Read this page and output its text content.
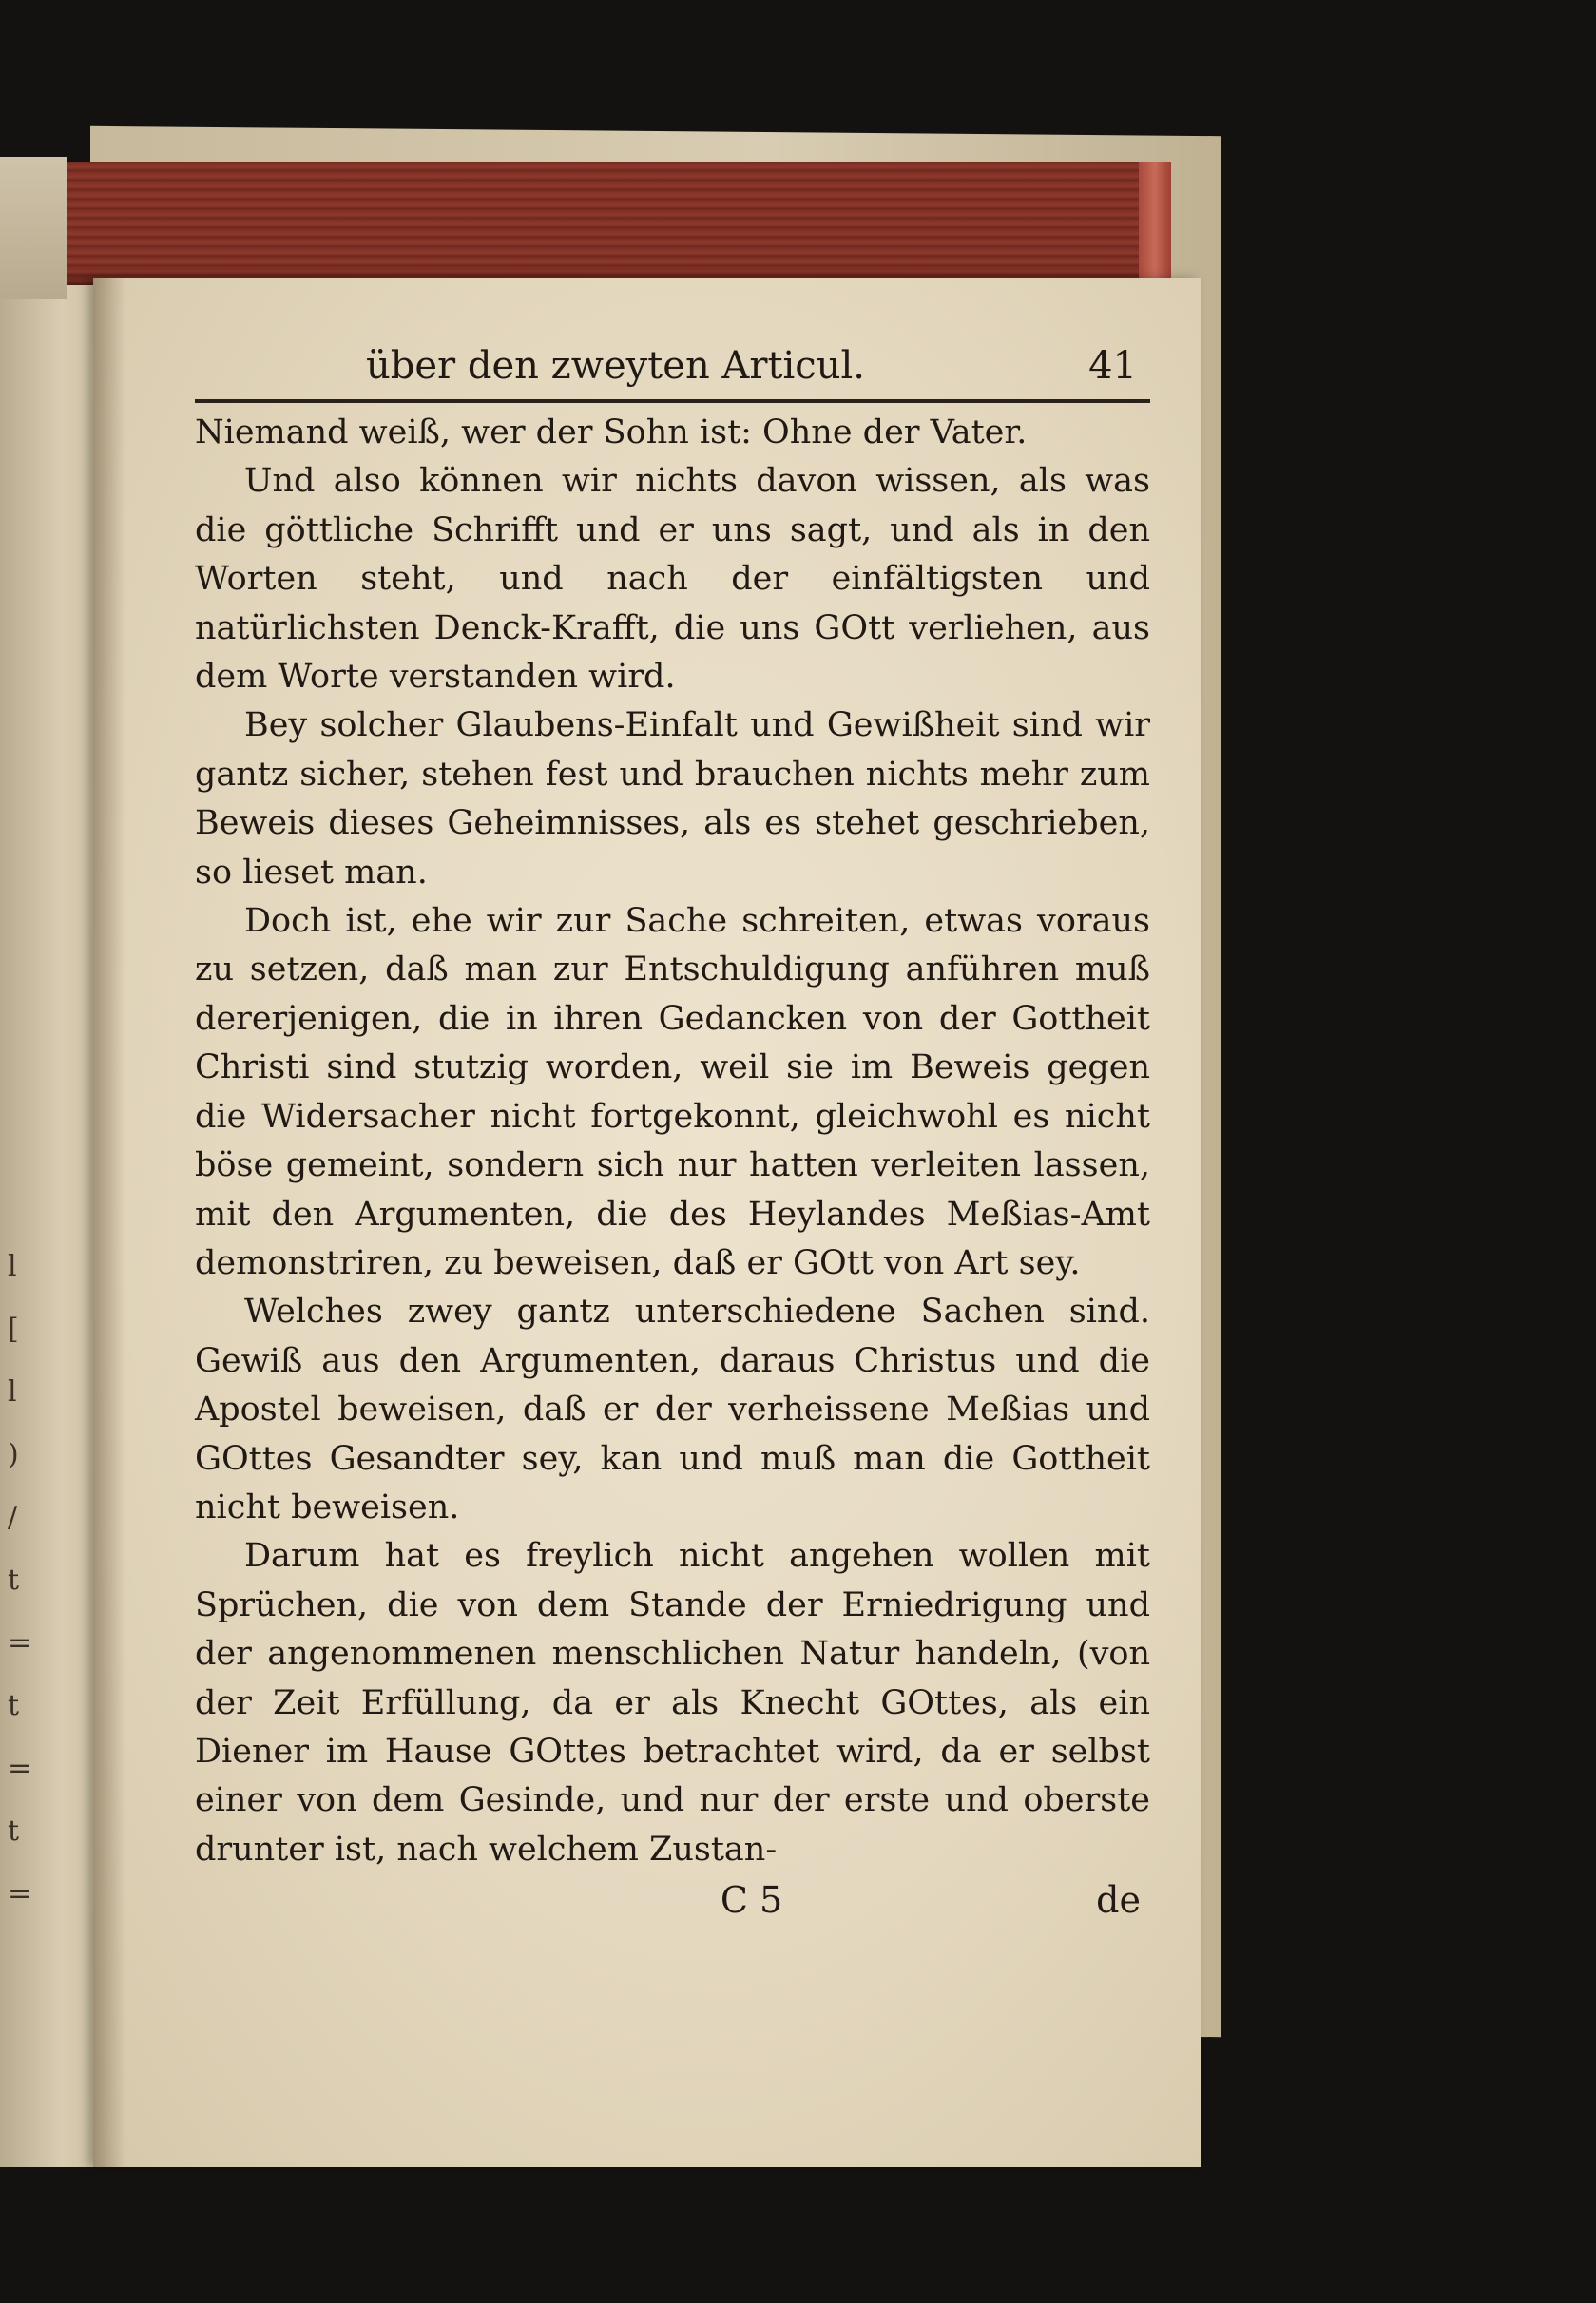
l
[
l
)
/
t
=
t
=
t
=
über den zweyten Articul.	41

Niemand weiß, wer der Sohn ist: Ohne der Vater.

Und also können wir nichts davon wissen, als was die göttliche Schrifft und er uns sagt, und als in den Worten steht, und nach der einfältigsten und natürlichsten Denck-Krafft, die uns GOtt verliehen, aus dem Worte verstanden wird.

Bey solcher Glaubens-Einfalt und Gewißheit sind wir gantz sicher, stehen fest und brauchen nichts mehr zum Beweis dieses Geheimnisses, als es stehet geschrieben, so lieset man.

Doch ist, ehe wir zur Sache schreiten, etwas voraus zu setzen, daß man zur Entschuldigung anführen muß dererjenigen, die in ihren Gedancken von der Gottheit Christi sind stutzig worden, weil sie im Beweis gegen die Widersacher nicht fortgekonnt, gleichwohl es nicht böse gemeint, sondern sich nur hatten verleiten lassen, mit den Argumenten, die des Heylandes Meßias-Amt demonstriren, zu beweisen, daß er GOtt von Art sey.

Welches zwey gantz unterschiedene Sachen sind. Gewiß aus den Argumenten, daraus Christus und die Apostel beweisen, daß er der verheissene Meßias und GOttes Gesandter sey, kan und muß man die Gottheit nicht beweisen.

Darum hat es freylich nicht angehen wollen mit Sprüchen, die von dem Stande der Erniedrigung und der angenommenen menschlichen Natur handeln, (von der Zeit Erfüllung, da er als Knecht GOttes, als ein Diener im Hause GOttes betrachtet wird, da er selbst einer von dem Gesinde, und nur der erste und oberste drunter ist, nach welchem Zustan-

C 5	de
